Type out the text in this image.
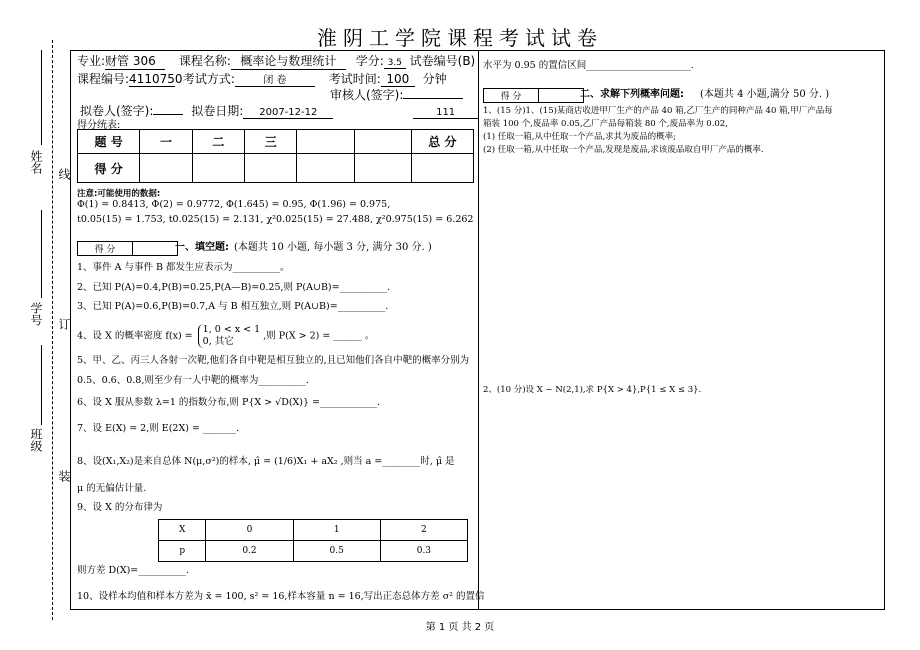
淮阴工学院课程考试试卷
姓名 线
学号 订
班级
装
专业:财管 306 课程名称: 概率论与数理统计 学分: 3.5 试卷编号(B)
课程编号:4110750 考试方式:	闭 卷	考试时间: 100 分钟
审核人(签字):
拟卷人(签字):	拟卷日期: 2007-12-12	111
得分统表:
题 号	一	二	三			总 分
得 分						
注意:可能使用的数据:
Φ(1) = 0.8413, Φ(2) = 0.9772, Φ(1.645) = 0.95, Φ(1.96) = 0.975,
t0.05(15) = 1.753, t0.025(15) = 2.131, χ²0.025(15) = 27.488, χ²0.975(15) = 6.262
得 分		一、填空题: (本题共 10 小题, 每小题 3 分, 满分 30 分. )
1、事件 A 与事件 B 都发生应表示为__________。
2、已知 P(A)=0.4,P(B)=0.25,P(A—B)=0.25,则 P(A∪B)=__________.
3、已知 P(A)=0.6,P(B)=0.7,A 与 B 相互独立,则 P(A∪B)=__________.
4、设 X 的概率密度 f(x) =
1, 0 < x < 1
0, 其它	,则 P(X > 2) = ______ 。
5、甲、乙、丙三人各射一次靶,他们各自中靶是相互独立的,且已知他们各自中靶的概率分别为
0.5、0.6、0.8,则至少有一人中靶的概率为__________.
6、设 X 服从参数 λ=1 的指数分布,则 P{X > √D(X)} =____________.
7、设 E(X) = 2,则 E(2X) = _______.
8、设(X₁,X₂)是来自总体 N(μ,σ²)的样本, μ̂ = (1/6)X₁ + aX₂ ,则当 a =________时, μ̂ 是
μ 的无偏估计量.
9、设 X 的分布律为
X	0	1	2
p	0.2	0.5	0.3
则方差 D(X)=__________.
10、设样本均值和样本方差为 x̄ = 100, s² = 16,样本容量 n = 16,写出正态总体方差 σ² 的置信
水平为 0.95 的置信区间______________________.
得 分		二、求解下列概率问题: (本题共 4 小题,满分 50 分. )
1、(15 分)1、(15)某商店收进甲厂生产的产品 40 箱,乙厂生产的同种产品 40 箱,甲厂产品每
箱装 100 个,废品率 0.05,乙厂产品每箱装 80 个,废品率为 0.02,
(1) 任取一箱,从中任取一个产品,求其为废品的概率;
(2) 任取一箱,从中任取一个产品,发现是废品,求该废品取自甲厂产品的概率.
2、(10 分)设 X ~ N(2,1),求 P{X > 4},P{1 ≤ X ≤ 3}.
第 1 页 共 2 页
